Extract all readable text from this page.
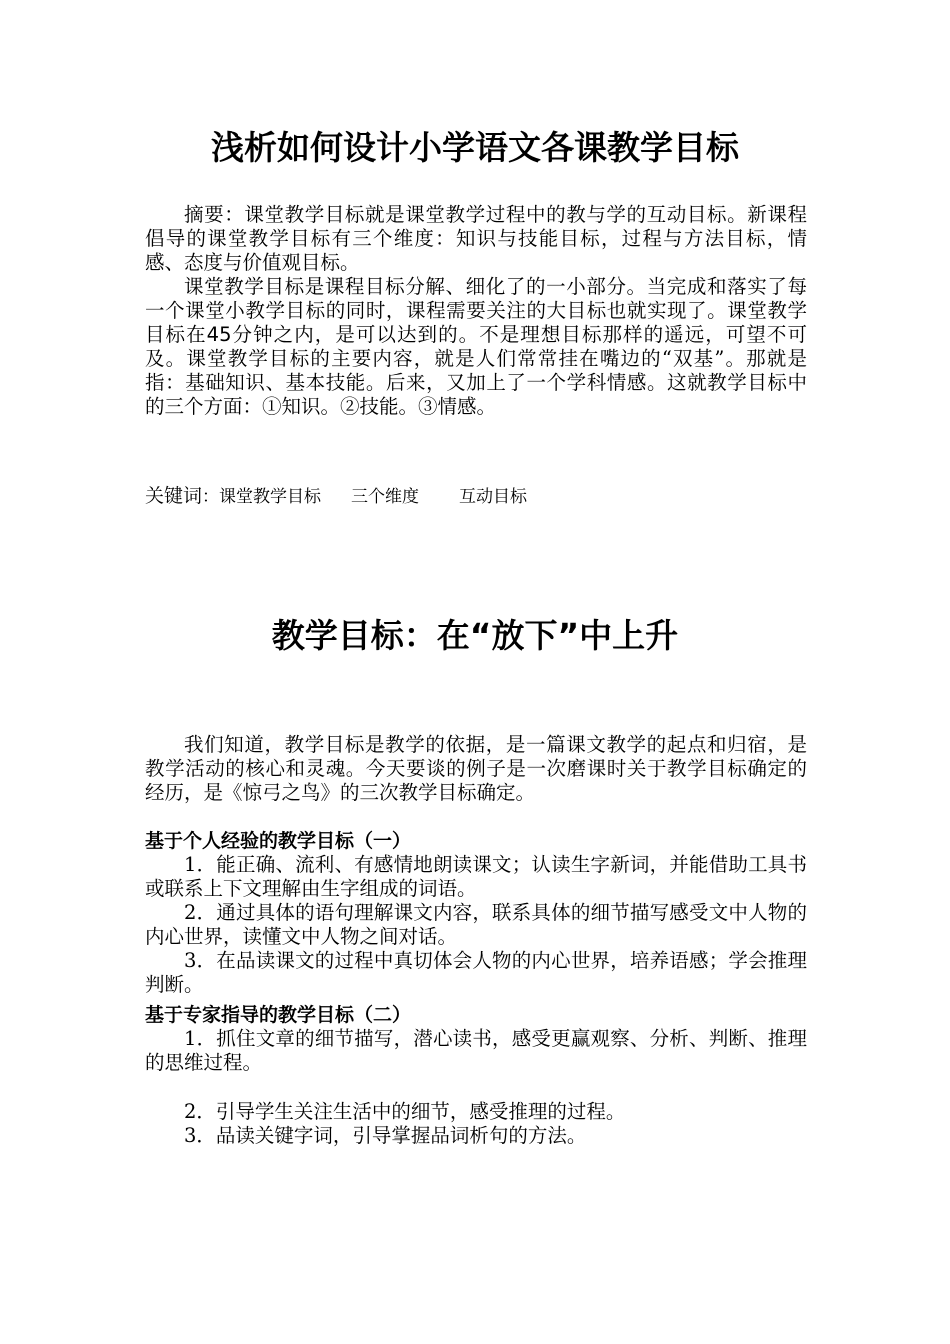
浅析如何设计小学语文各课教学目标

摘要：课堂教学目标就是课堂教学过程中的教与学的互动目标。新课程倡导的课堂教学目标有三个维度：知识与技能目标，过程与方法目标，情感、态度与价值观目标。

课堂教学目标是课程目标分解、细化了的一小部分。当完成和落实了每一个课堂小教学目标的同时，课程需要关注的大目标也就实现了。课堂教学目标在45分钟之内，是可以达到的。不是理想目标那样的遥远，可望不可及。课堂教学目标的主要内容，就是人们常常挂在嘴边的“双基”。那就是指：基础知识、基本技能。后来，又加上了一个学科情感。这就教学目标中的三个方面：①知识。②技能。③情感。

关键词：课堂教学目标 三个维度 互动目标

教学目标：在“放下”中上升

我们知道，教学目标是教学的依据，是一篇课文教学的起点和归宿，是教学活动的核心和灵魂。今天要谈的例子是一次磨课时关于教学目标确定的经历，是《惊弓之鸟》的三次教学目标确定。

基于个人经验的教学目标（一）

1．能正确、流利、有感情地朗读课文；认读生字新词，并能借助工具书或联系上下文理解由生字组成的词语。

2．通过具体的语句理解课文内容，联系具体的细节描写感受文中人物的内心世界，读懂文中人物之间对话。

3．在品读课文的过程中真切体会人物的内心世界，培养语感；学会推理判断。

基于专家指导的教学目标（二）

1．抓住文章的细节描写，潜心读书，感受更赢观察、分析、判断、推理的思维过程。

2．引导学生关注生活中的细节，感受推理的过程。

3．品读关键字词，引导掌握品词析句的方法。
